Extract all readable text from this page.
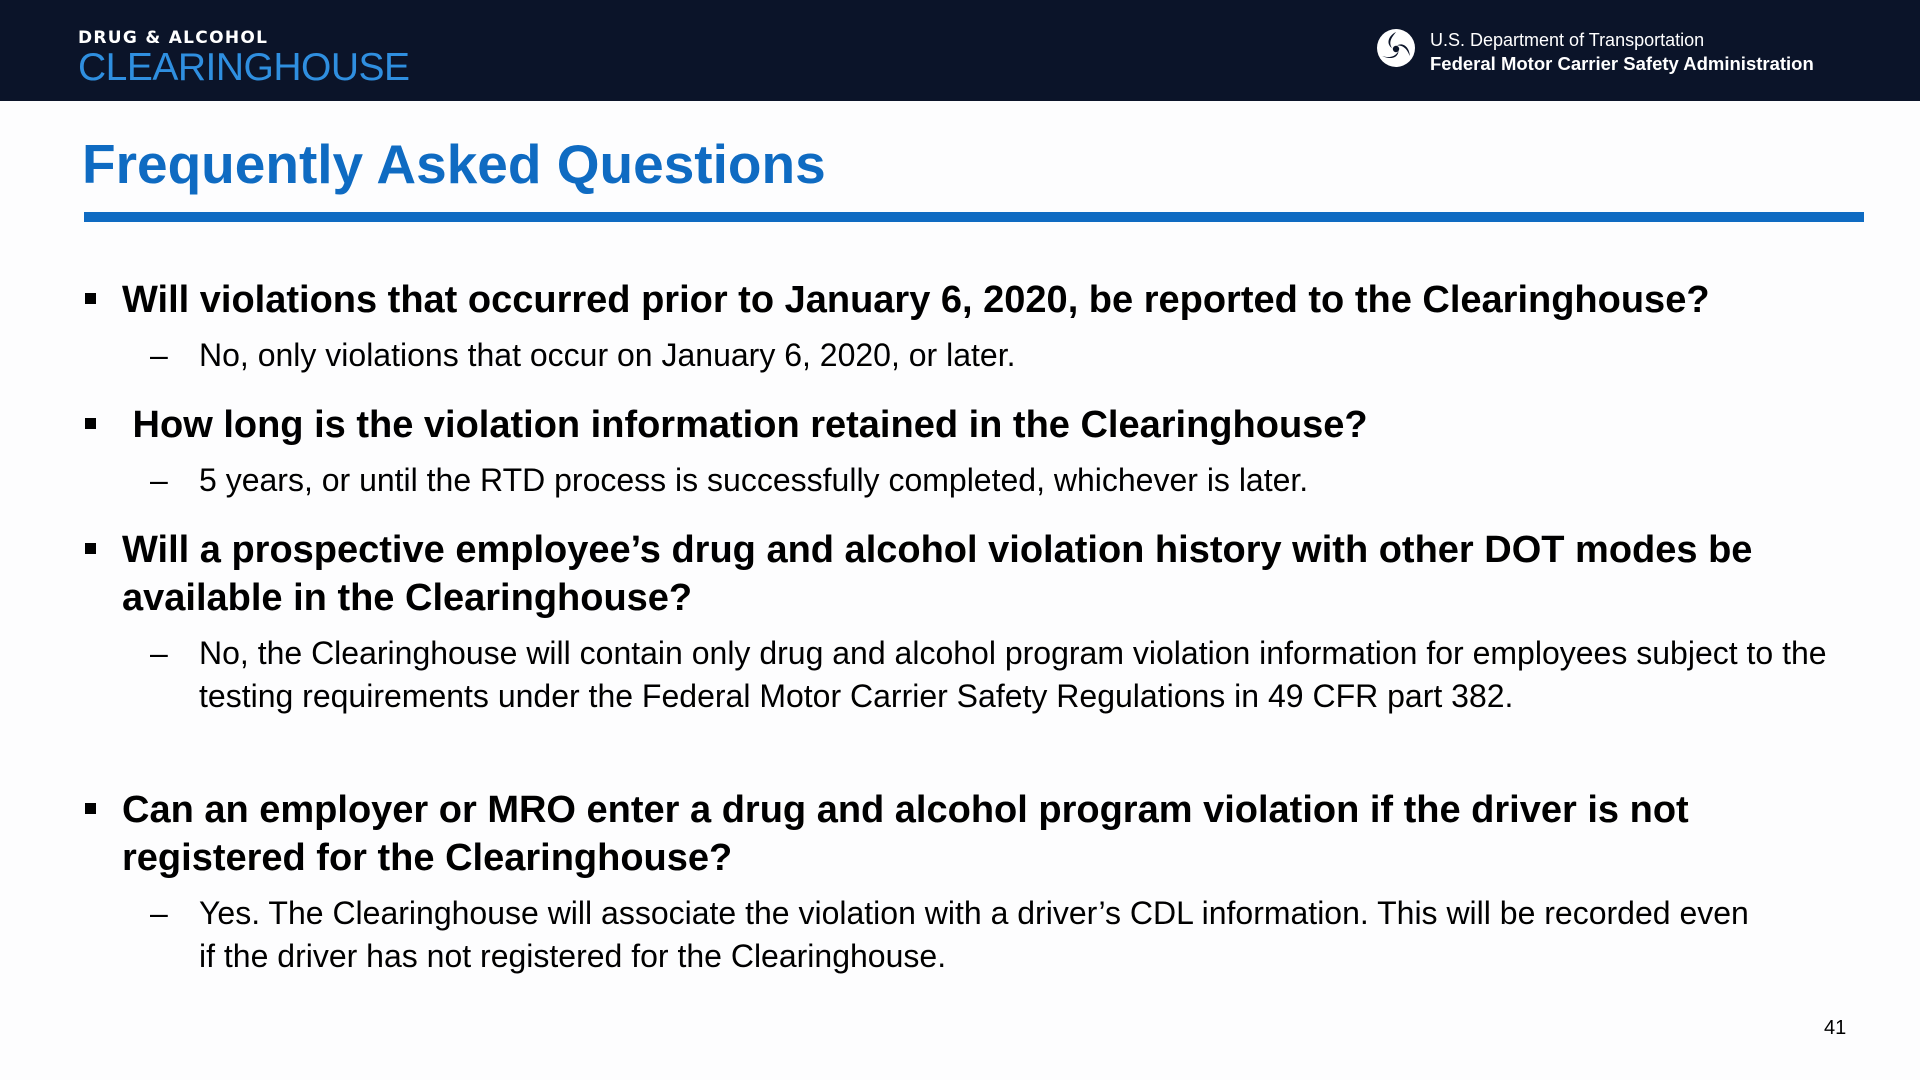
DRUG & ALCOHOL
CLEARINGHOUSE
U.S. Department of Transportation
Federal Motor Carrier Safety Administration
Frequently Asked Questions

Will violations that occurred prior to January 6, 2020, be reported to the Clearinghouse?

– No, only violations that occur on January 6, 2020, or later.

How long is the violation information retained in the Clearinghouse?

– 5 years, or until the RTD process is successfully completed, whichever is later.

Will a prospective employee’s drug and alcohol violation history with other DOT modes be available in the Clearinghouse?

– No, the Clearinghouse will contain only drug and alcohol program violation information for employees subject to the testing requirements under the Federal Motor Carrier Safety Regulations in 49 CFR part 382.

Can an employer or MRO enter a drug and alcohol program violation if the driver is not registered for the Clearinghouse?

– Yes. The Clearinghouse will associate the violation with a driver’s CDL information. This will be recorded even if the driver has not registered for the Clearinghouse.

41
